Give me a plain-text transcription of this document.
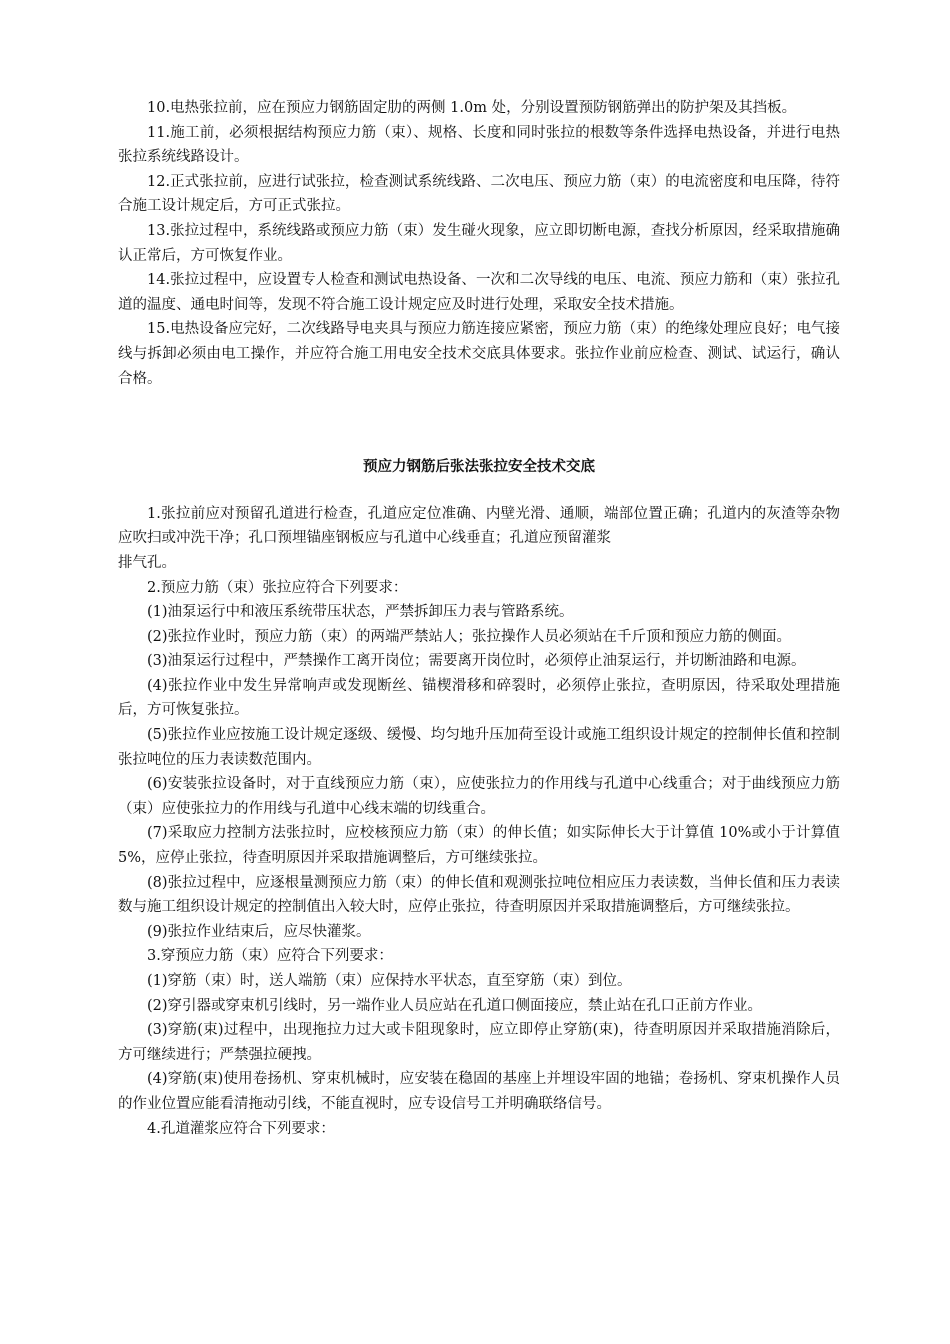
10.电热张拉前，应在预应力钢筋固定肋的两侧 1.0m 处，分别设置预防钢筋弹出的防护架及其挡板。

11.施工前，必须根据结构预应力筋（束）、规格、长度和同时张拉的根数等条件选择电热设备，并进行电热张拉系统线路设计。

12.正式张拉前，应进行试张拉，检查测试系统线路、二次电压、预应力筋（束）的电流密度和电压降，待符合施工设计规定后，方可正式张拉。

13.张拉过程中，系统线路或预应力筋（束）发生碰火现象，应立即切断电源，查找分析原因，经采取措施确认正常后，方可恢复作业。

14.张拉过程中，应设置专人检查和测试电热设备、一次和二次导线的电压、电流、预应力筋和（束）张拉孔道的温度、通电时间等，发现不符合施工设计规定应及时进行处理，采取安全技术措施。

15.电热设备应完好，二次线路导电夹具与预应力筋连接应紧密，预应力筋（束）的绝缘处理应良好；电气接线与拆卸必须由电工操作，并应符合施工用电安全技术交底具体要求。张拉作业前应检查、测试、试运行，确认合格。

预应力钢筋后张法张拉安全技术交底

1.张拉前应对预留孔道进行检查，孔道应定位准确、内壁光滑、通顺，端部位置正确；孔道内的灰渣等杂物应吹扫或冲洗干净；孔口预埋锚座钢板应与孔道中心线垂直；孔道应预留灌浆
排气孔。

2.预应力筋（束）张拉应符合下列要求：

(1)油泵运行中和液压系统带压状态，严禁拆卸压力表与管路系统。

(2)张拉作业时，预应力筋（束）的两端严禁站人；张拉操作人员必须站在千斤顶和预应力筋的侧面。

(3)油泵运行过程中，严禁操作工离开岗位；需要离开岗位时，必须停止油泵运行，并切断油路和电源。

(4)张拉作业中发生异常响声或发现断丝、锚楔滑移和碎裂时，必须停止张拉，查明原因，待采取处理措施后，方可恢复张拉。

(5)张拉作业应按施工设计规定逐级、缓慢、均匀地升压加荷至设计或施工组织设计规定的控制伸长值和控制张拉吨位的压力表读数范围内。

(6)安装张拉设备时，对于直线预应力筋（束），应使张拉力的作用线与孔道中心线重合；对于曲线预应力筋（束）应使张拉力的作用线与孔道中心线末端的切线重合。

(7)采取应力控制方法张拉时，应校核预应力筋（束）的伸长值；如实际伸长大于计算值 10%或小于计算值 5%，应停止张拉，待查明原因并采取措施调整后，方可继续张拉。

(8)张拉过程中，应逐根量测预应力筋（束）的伸长值和观测张拉吨位相应压力表读数，当伸长值和压力表读数与施工组织设计规定的控制值出入较大时，应停止张拉，待查明原因并采取措施调整后，方可继续张拉。

(9)张拉作业结束后，应尽快灌浆。

3.穿预应力筋（束）应符合下列要求：

(1)穿筋（束）时，送人端筋（束）应保持水平状态，直至穿筋（束）到位。

(2)穿引器或穿束机引线时，另一端作业人员应站在孔道口侧面接应，禁止站在孔口正前方作业。

(3)穿筋(束)过程中，出现拖拉力过大或卡阻现象时，应立即停止穿筋(束)，待查明原因并采取措施消除后，方可继续进行；严禁强拉硬拽。

(4)穿筋(束)使用卷扬机、穿束机械时，应安装在稳固的基座上并埋设牢固的地锚；卷扬机、穿束机操作人员的作业位置应能看清拖动引线，不能直视时，应专设信号工并明确联络信号。

4.孔道灌浆应符合下列要求：
